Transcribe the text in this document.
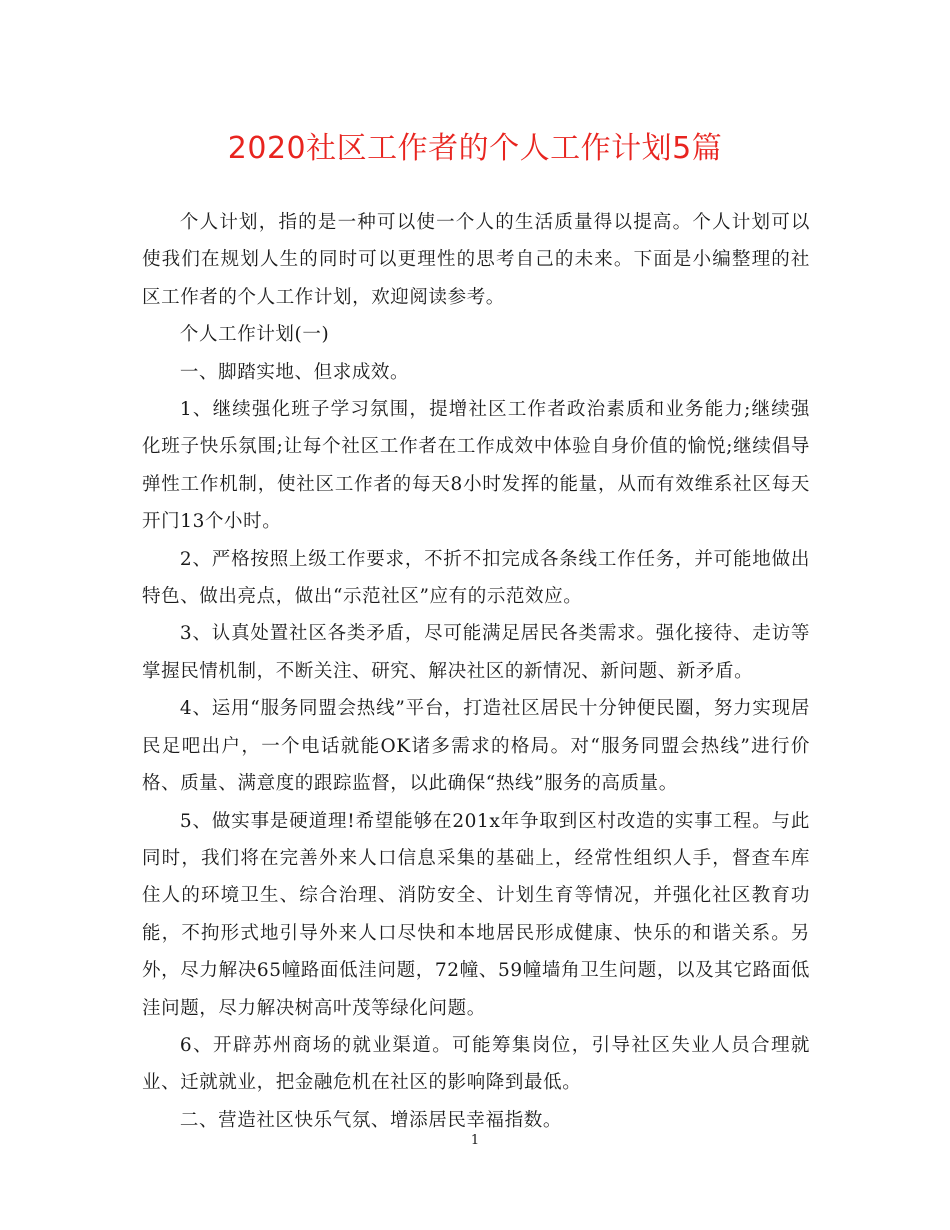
2020社区工作者的个人工作计划5篇

个人计划，指的是一种可以使一个人的生活质量得以提高。个人计划可以使我们在规划人生的同时可以更理性的思考自己的未来。下面是小编整理的社区工作者的个人工作计划，欢迎阅读参考。

个人工作计划(一)

一、脚踏实地、但求成效。

1、继续强化班子学习氛围，提增社区工作者政治素质和业务能力;继续强化班子快乐氛围;让每个社区工作者在工作成效中体验自身价值的愉悦;继续倡导弹性工作机制，使社区工作者的每天8小时发挥的能量，从而有效维系社区每天开门13个小时。

2、严格按照上级工作要求，不折不扣完成各条线工作任务，并可能地做出特色、做出亮点，做出“示范社区”应有的示范效应。

3、认真处置社区各类矛盾，尽可能满足居民各类需求。强化接待、走访等掌握民情机制，不断关注、研究、解决社区的新情况、新问题、新矛盾。

4、运用“服务同盟会热线”平台，打造社区居民十分钟便民圈，努力实现居民足吧出户，一个电话就能OK诸多需求的格局。对“服务同盟会热线”进行价格、质量、满意度的跟踪监督，以此确保“热线”服务的高质量。

5、做实事是硬道理!希望能够在201x年争取到区村改造的实事工程。与此同时，我们将在完善外来人口信息采集的基础上，经常性组织人手，督查车库住人的环境卫生、综合治理、消防安全、计划生育等情况，并强化社区教育功能，不拘形式地引导外来人口尽快和本地居民形成健康、快乐的和谐关系。另外，尽力解决65幢路面低洼问题，72幢、59幢墙角卫生问题，以及其它路面低洼问题，尽力解决树高叶茂等绿化问题。

6、开辟苏州商场的就业渠道。可能筹集岗位，引导社区失业人员合理就业、迁就就业，把金融危机在社区的影响降到最低。

二、营造社区快乐气氛、增添居民幸福指数。

1
